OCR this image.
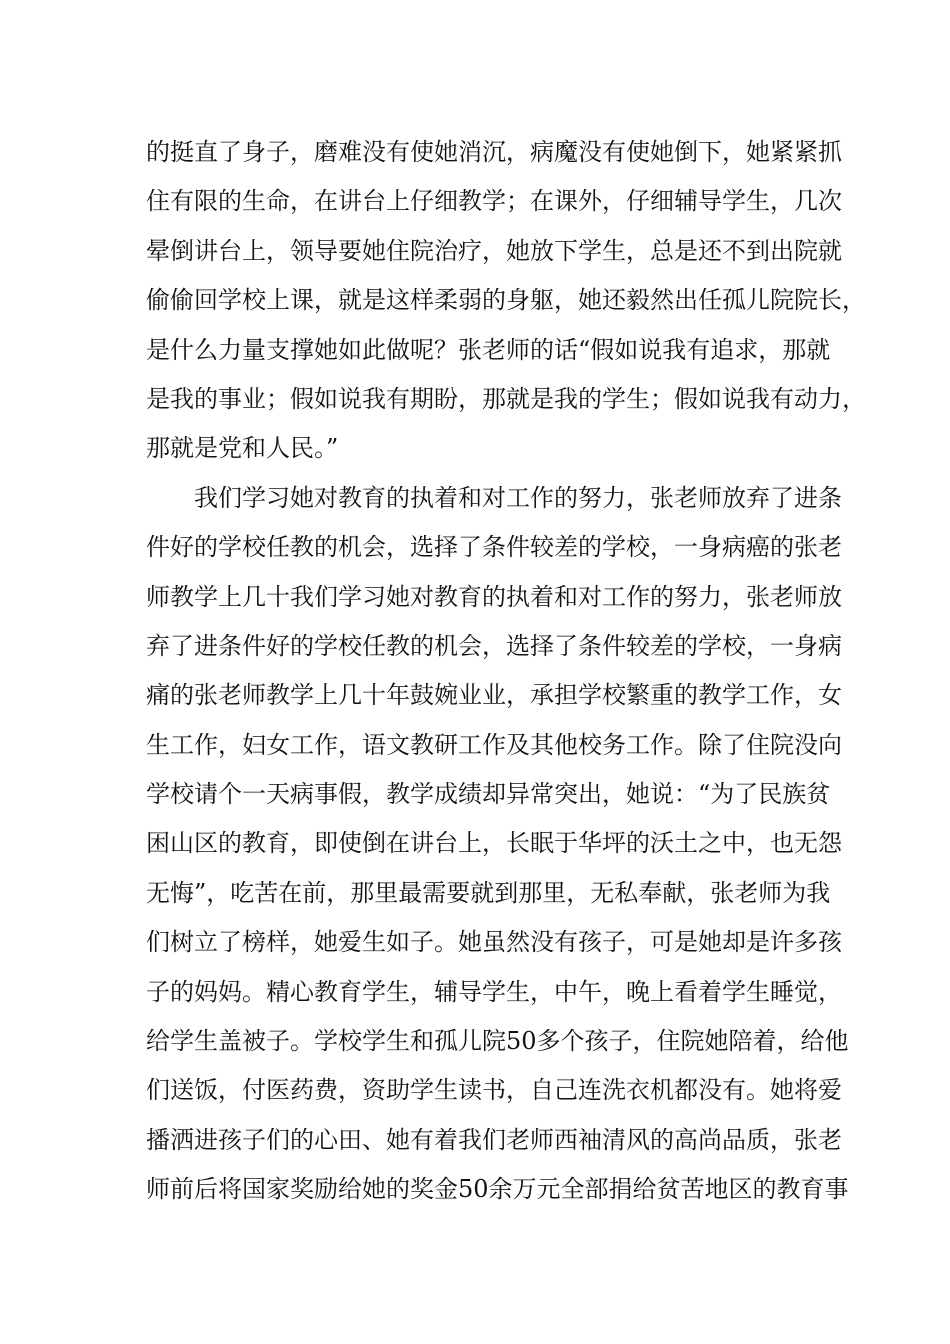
的挺直了身子，磨难没有使她消沉，病魔没有使她倒下，她紧紧抓
住有限的生命，在讲台上仔细教学；在课外，仔细辅导学生，几次
晕倒讲台上，领导要她住院治疗，她放下学生，总是还不到出院就
偷偷回学校上课，就是这样柔弱的身躯，她还毅然出任孤儿院院长，
是什么力量支撑她如此做呢？张老师的话“假如说我有追求，那就
是我的事业；假如说我有期盼，那就是我的学生；假如说我有动力，
那就是党和人民。”
我们学习她对教育的执着和对工作的努力，张老师放弃了进条
件好的学校任教的机会，选择了条件较差的学校，一身病癌的张老
师教学上几十我们学习她对教育的执着和对工作的努力，张老师放
弃了进条件好的学校任教的机会，选择了条件较差的学校，一身病
痛的张老师教学上几十年鼓婉业业，承担学校繁重的教学工作，女
生工作，妇女工作，语文教研工作及其他校务工作。除了住院没向
学校请个一天病事假，教学成绩却异常突出，她说：“为了民族贫
困山区的教育，即使倒在讲台上，长眠于华坪的沃土之中，也无怨
无悔”，吃苦在前，那里最需要就到那里，无私奉献，张老师为我
们树立了榜样，她爱生如子。她虽然没有孩子，可是她却是许多孩
子的妈妈。精心教育学生，辅导学生，中午，晚上看着学生睡觉，
给学生盖被子。学校学生和孤儿院50多个孩子，住院她陪着，给他
们送饭，付医药费，资助学生读书，自己连洗衣机都没有。她将爱
播洒进孩子们的心田、她有着我们老师西袖清风的高尚品质，张老
师前后将国家奖励给她的奖金50余万元全部捐给贫苦地区的教育事
